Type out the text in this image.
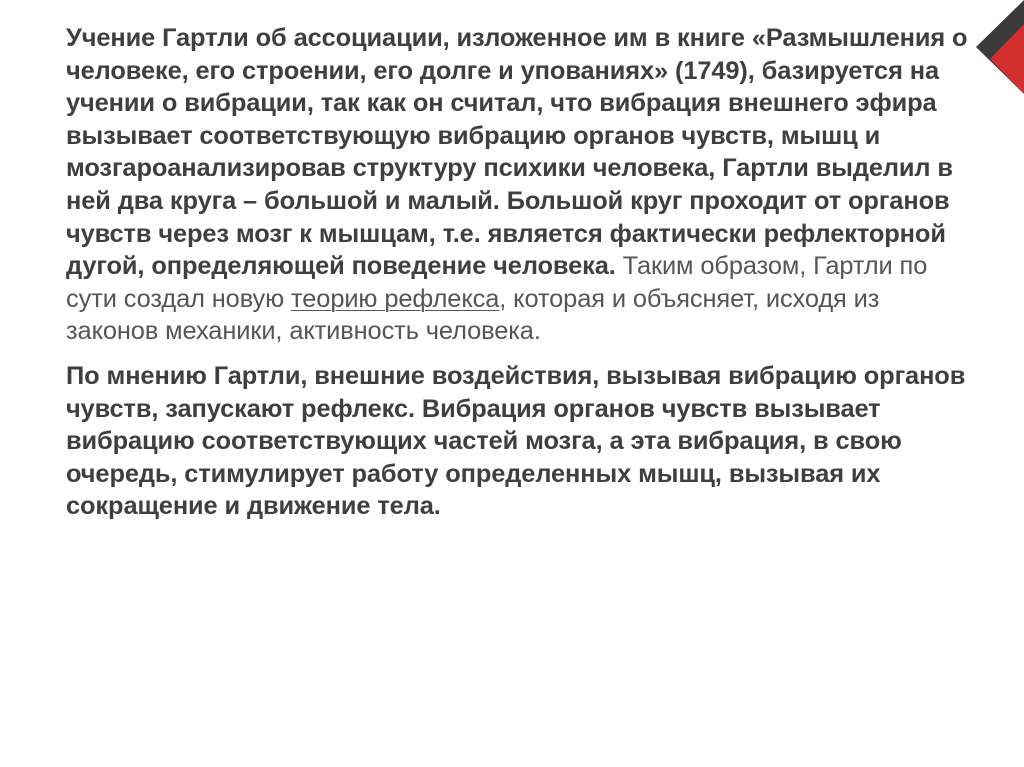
Учение Гартли об ассоциации, изложенное им в книге «Размышления о человеке, его строении, его долге и упованиях» (1749), базируется на учении о вибрации, так как он считал, что вибрация внешнего эфира вызывает соответствующую вибрацию органов чувств, мышц и мозгароанализировав структуру психики человека, Гартли выделил в ней два круга – большой и малый. Большой круг проходит от органов чувств через мозг к мышцам, т.е. является фактически рефлекторной дугой, определяющей поведение человека. Таким образом, Гартли по сути создал новую теорию рефлекса, которая и объясняет, исходя из законов механики, активность человека.

По мнению Гартли, внешние воздействия, вызывая вибрацию органов чувств, запускают рефлекс. Вибрация органов чувств вызывает вибрацию соответствующих частей мозга, а эта вибрация, в свою очередь, стимулирует работу определенных мышц, вызывая их сокращение и движение тела.
